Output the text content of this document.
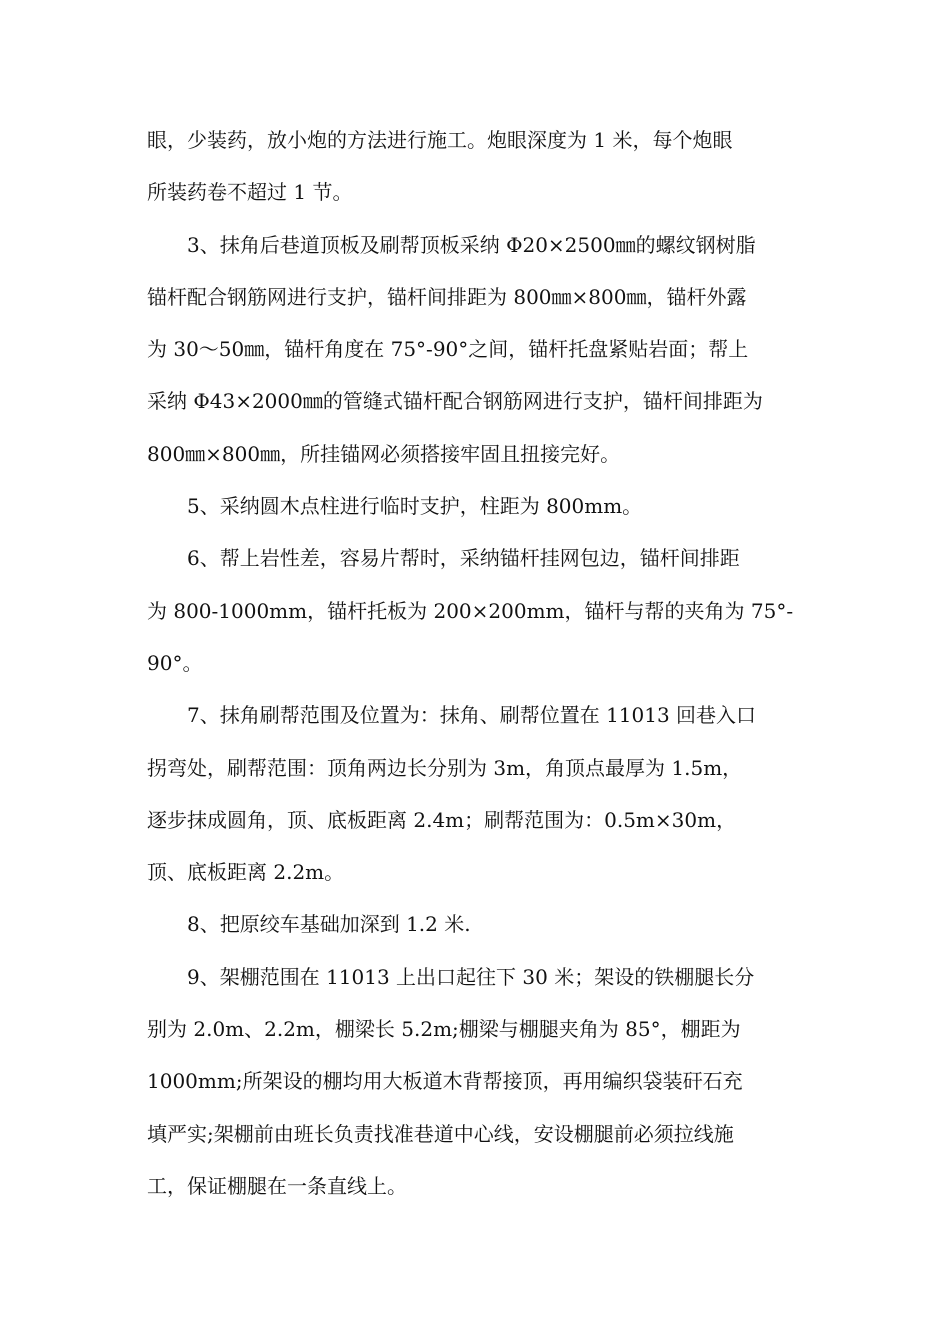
眼，少装药，放小炮的方法进行施工。炮眼深度为 1 米，每个炮眼
所装药卷不超过 1 节。
3、抹角后巷道顶板及刷帮顶板采纳 Φ20×2500㎜的螺纹钢树脂
锚杆配合钢筋网进行支护，锚杆间排距为 800㎜×800㎜，锚杆外露
为 30～50㎜，锚杆角度在 75°-90°之间，锚杆托盘紧贴岩面；帮上
采纳 Φ43×2000㎜的管缝式锚杆配合钢筋网进行支护，锚杆间排距为
800㎜×800㎜，所挂锚网必须搭接牢固且扭接完好。
5、采纳圆木点柱进行临时支护，柱距为 800mm。
6、帮上岩性差，容易片帮时，采纳锚杆挂网包边，锚杆间排距
为 800-1000mm，锚杆托板为 200×200mm，锚杆与帮的夹角为 75°-
90°。
7、抹角刷帮范围及位置为：抹角、刷帮位置在 11013 回巷入口
拐弯处，刷帮范围：顶角两边长分别为 3m，角顶点最厚为 1.5m，
逐步抹成圆角，顶、底板距离 2.4m；刷帮范围为：0.5m×30m，
顶、底板距离 2.2m。
8、把原绞车基础加深到 1.2 米.
9、架棚范围在 11013 上出口起往下 30 米；架设的铁棚腿长分
别为 2.0m、2.2m，棚梁长 5.2m;棚梁与棚腿夹角为 85°，棚距为
1000mm;所架设的棚均用大板道木背帮接顶，再用编织袋装矸石充
填严实;架棚前由班长负责找准巷道中心线，安设棚腿前必须拉线施
工，保证棚腿在一条直线上。
